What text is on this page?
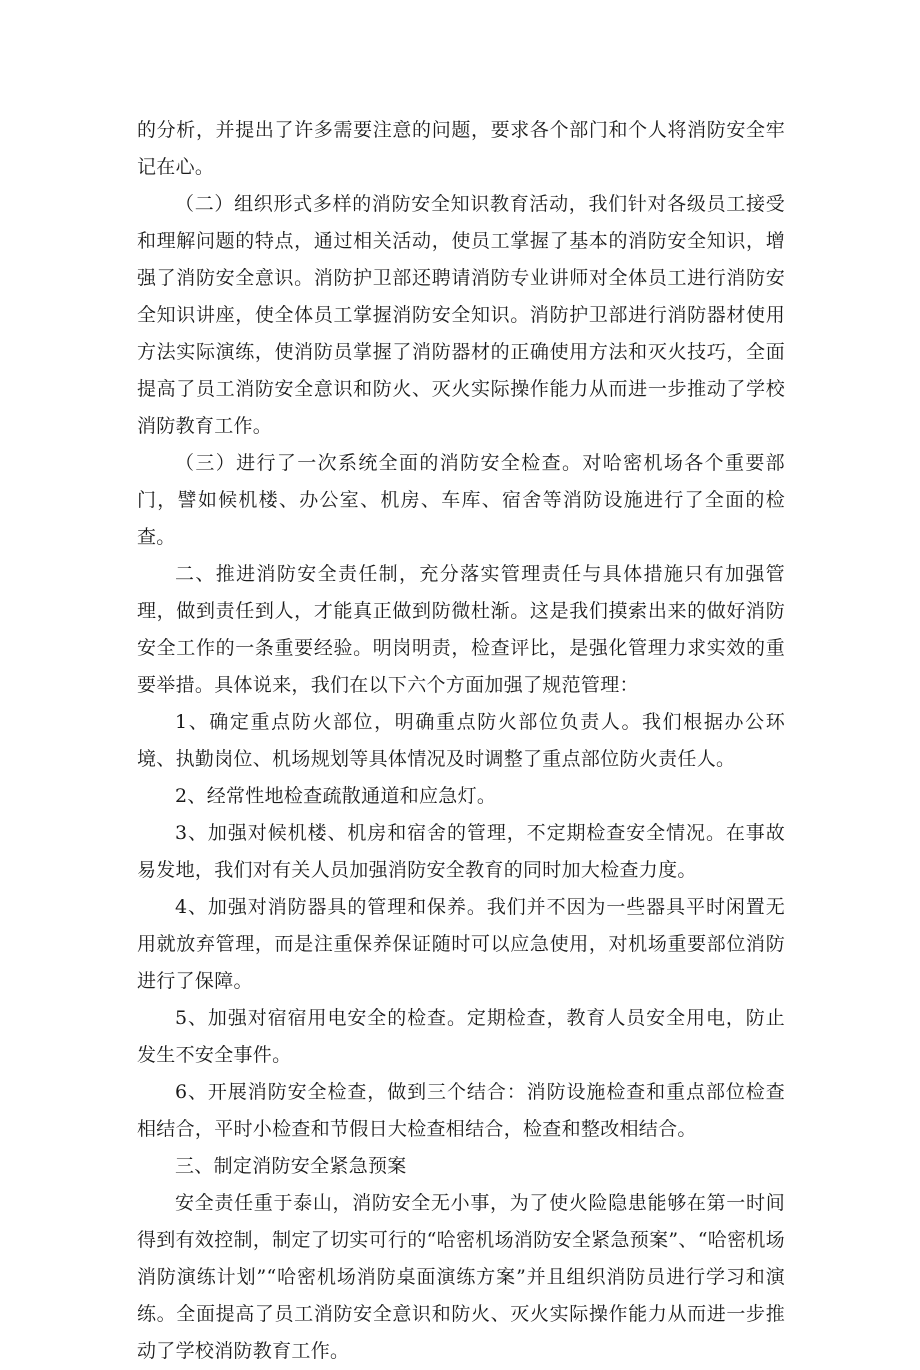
的分析，并提出了许多需要注意的问题，要求各个部门和个人将消防安全牢记在心。

（二）组织形式多样的消防安全知识教育活动，我们针对各级员工接受和理解问题的特点，通过相关活动，使员工掌握了基本的消防安全知识，增强了消防安全意识。消防护卫部还聘请消防专业讲师对全体员工进行消防安全知识讲座，使全体员工掌握消防安全知识。消防护卫部进行消防器材使用方法实际演练，使消防员掌握了消防器材的正确使用方法和灭火技巧，全面提高了员工消防安全意识和防火、灭火实际操作能力从而进一步推动了学校消防教育工作。

（三）进行了一次系统全面的消防安全检查。对哈密机场各个重要部门，譬如候机楼、办公室、机房、车库、宿舍等消防设施进行了全面的检查。

二、推进消防安全责任制，充分落实管理责任与具体措施只有加强管理，做到责任到人，才能真正做到防微杜渐。这是我们摸索出来的做好消防安全工作的一条重要经验。明岗明责，检查评比，是强化管理力求实效的重要举措。具体说来，我们在以下六个方面加强了规范管理：

1、确定重点防火部位，明确重点防火部位负责人。我们根据办公环境、执勤岗位、机场规划等具体情况及时调整了重点部位防火责任人。

2、经常性地检查疏散通道和应急灯。

3、加强对候机楼、机房和宿舍的管理，不定期检查安全情况。在事故易发地，我们对有关人员加强消防安全教育的同时加大检查力度。

4、加强对消防器具的管理和保养。我们并不因为一些器具平时闲置无用就放弃管理，而是注重保养保证随时可以应急使用，对机场重要部位消防进行了保障。

5、加强对宿宿用电安全的检查。定期检查，教育人员安全用电，防止发生不安全事件。

6、开展消防安全检查，做到三个结合：消防设施检查和重点部位检查相结合，平时小检查和节假日大检查相结合，检查和整改相结合。

三、制定消防安全紧急预案

安全责任重于泰山，消防安全无小事，为了使火险隐患能够在第一时间得到有效控制，制定了切实可行的“哈密机场消防安全紧急预案”、“哈密机场消防演练计划”“哈密机场消防桌面演练方案”并且组织消防员进行学习和演练。全面提高了员工消防安全意识和防火、灭火实际操作能力从而进一步推动了学校消防教育工作。
